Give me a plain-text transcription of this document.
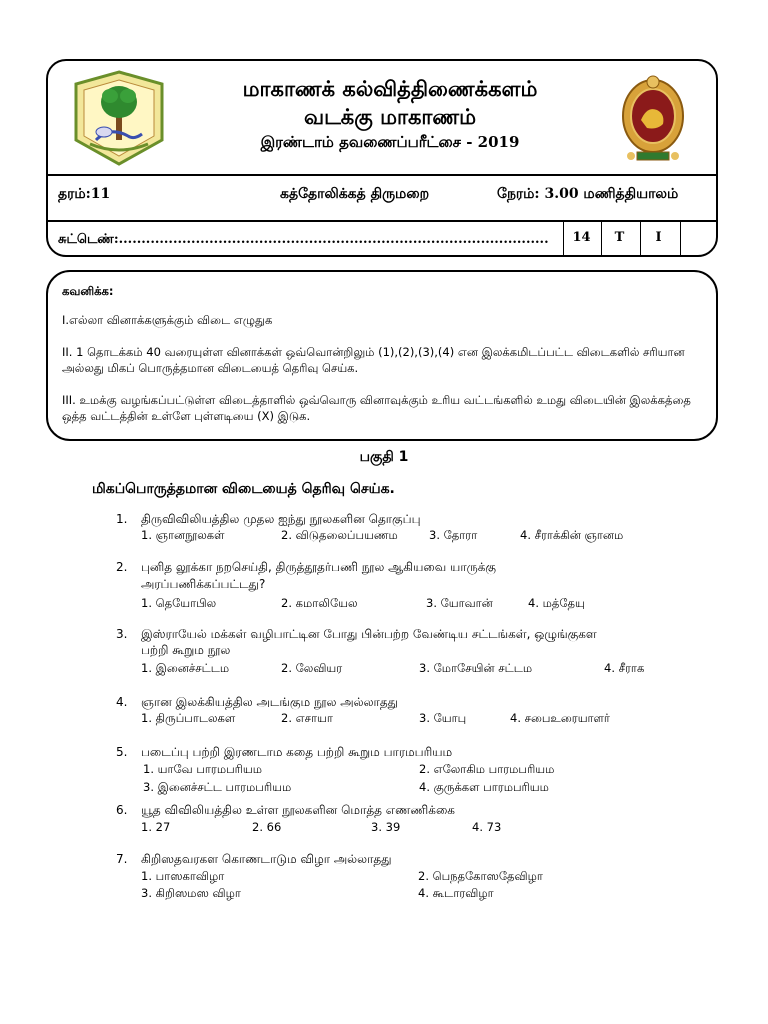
மாகாணக் கல்வித்திணைக்களம்
வடக்கு மாகாணம்
இரண்டாம் தவணைப்பரீட்சை - 2019
தரம்:11	கத்தோலிக்கத் திருமறை	நேரம்: 3.00 மணித்தியாலம்
சுட்டெண்:...............................................................................................	14	T	I
கவனிக்க:
I.எல்லா வினாக்களுக்கும் விடை எழுதுக
II. 1 தொடக்கம் 40 வரையுள்ள வினாக்கள் ஒவ்வொன்றிலும் (1),(2),(3),(4) என இலக்கமிடப்பட்ட விடைகளில் சரியான அல்லது மிகப் பொருத்தமான விடையைத் தெரிவு செய்க.
III. உமக்கு வழங்கப்பட்டுள்ள விடைத்தாளில் ஒவ்வொரு வினாவுக்கும் உரிய வட்டங்களில் உமது விடையின் இலக்கத்தை ஒத்த வட்டத்தின் உள்ளே புள்ளடியை (X) இடுக.
பகுதி 1
மிகப்பொருத்தமான விடையைத் தெரிவு செய்க.
1. திருவிவிலியத்தில முதல ஐந்து நூலகளின தொகுப்பு
1. ஞானநூலகள்	2. விடுதலைப்பயணம	3. தோரா	4. சீராக்கின் ஞானம
2. புனித லூக்கா நறசெய்தி, திருத்தூதர்பணி நூல ஆகியவை யாருக்கு
அரப்பணிக்கப்பட்டது?
1. தெயோபில	2. கமாலியேல	3. யோவான்	4. மத்தேயு
3. இஸ்ராயேல் மக்கள் வழிபாட்டின போது பின்பற்ற வேண்டிய சட்டங்கள், ஒழுங்குகள
பற்றி கூறும நூல
1. இனைச்சட்டம	2. லேவியர	3. மோசேயின் சட்டம	4. சீராக
4. ஞான இலக்கியத்தில அடங்கும நூல அல்லாதது
1. திருப்பாடலகள	2. எசாயா	3. யோபு	4. சபைஉரையாளர்
5. படைப்பு பற்றி இரணடாம கதை பற்றி கூறும பாரமபரியம
1. யாவே பாரமபரியம	2. எலோகிம பாரமபரியம
3. இனைச்சட்ட பாரமபரியம	4. குருக்கள பாரமபரியம
6. யூத விவிலியத்தில உள்ள நூலகளின மொத்த எணணிக்கை
1. 27	2. 66	3. 39	4. 73
7. கிறிஸதவரகள கொணடாடும விழா அல்லாதது
1. பாஸகாவிழா	2. பெநதகோஸதேவிழா
3. கிறிஸமஸ விழா	4. கூடாரவிழா
